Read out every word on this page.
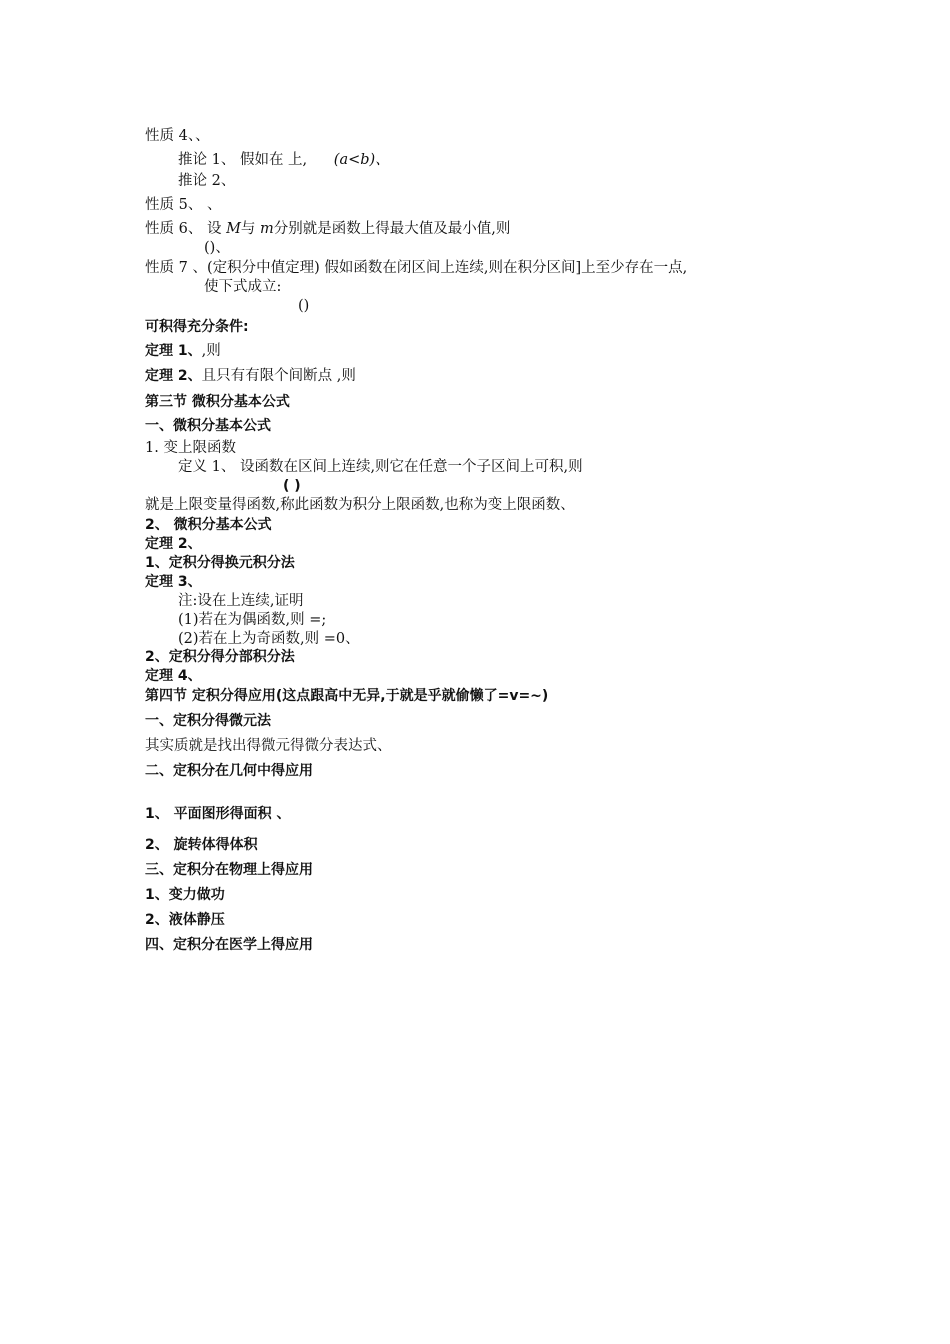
性质 4、、
推论 1、 假如在 上, (a<b)、
推论 2、
性质 5、 、
性质 6、 设 M与 m分别就是函数上得最大值及最小值,则
()、
性质 7 、(定积分中值定理) 假如函数在闭区间上连续,则在积分区间]上至少存在一点,
使下式成立:
()
可积得充分条件:
定理 1、,则
定理 2、且只有有限个间断点 ,则
第三节 微积分基本公式
一、微积分基本公式
1. 变上限函数
定义 1、 设函数在区间上连续,则它在任意一个子区间上可积,则
( )
就是上限变量得函数,称此函数为积分上限函数,也称为变上限函数、
2、 微积分基本公式
定理 2、
1、定积分得换元积分法
定理 3、
注:设在上连续,证明
(1)若在为偶函数,则 =;
(2)若在上为奇函数,则 =0、
2、定积分得分部积分法
定理 4、
第四节 定积分得应用(这点跟高中无异,于就是乎就偷懒了=v=~)
一、定积分得微元法
其实质就是找出得微元得微分表达式、
二、定积分在几何中得应用
1、 平面图形得面积 、
2、 旋转体得体积
三、定积分在物理上得应用
1、变力做功
2、液体静压
四、定积分在医学上得应用
